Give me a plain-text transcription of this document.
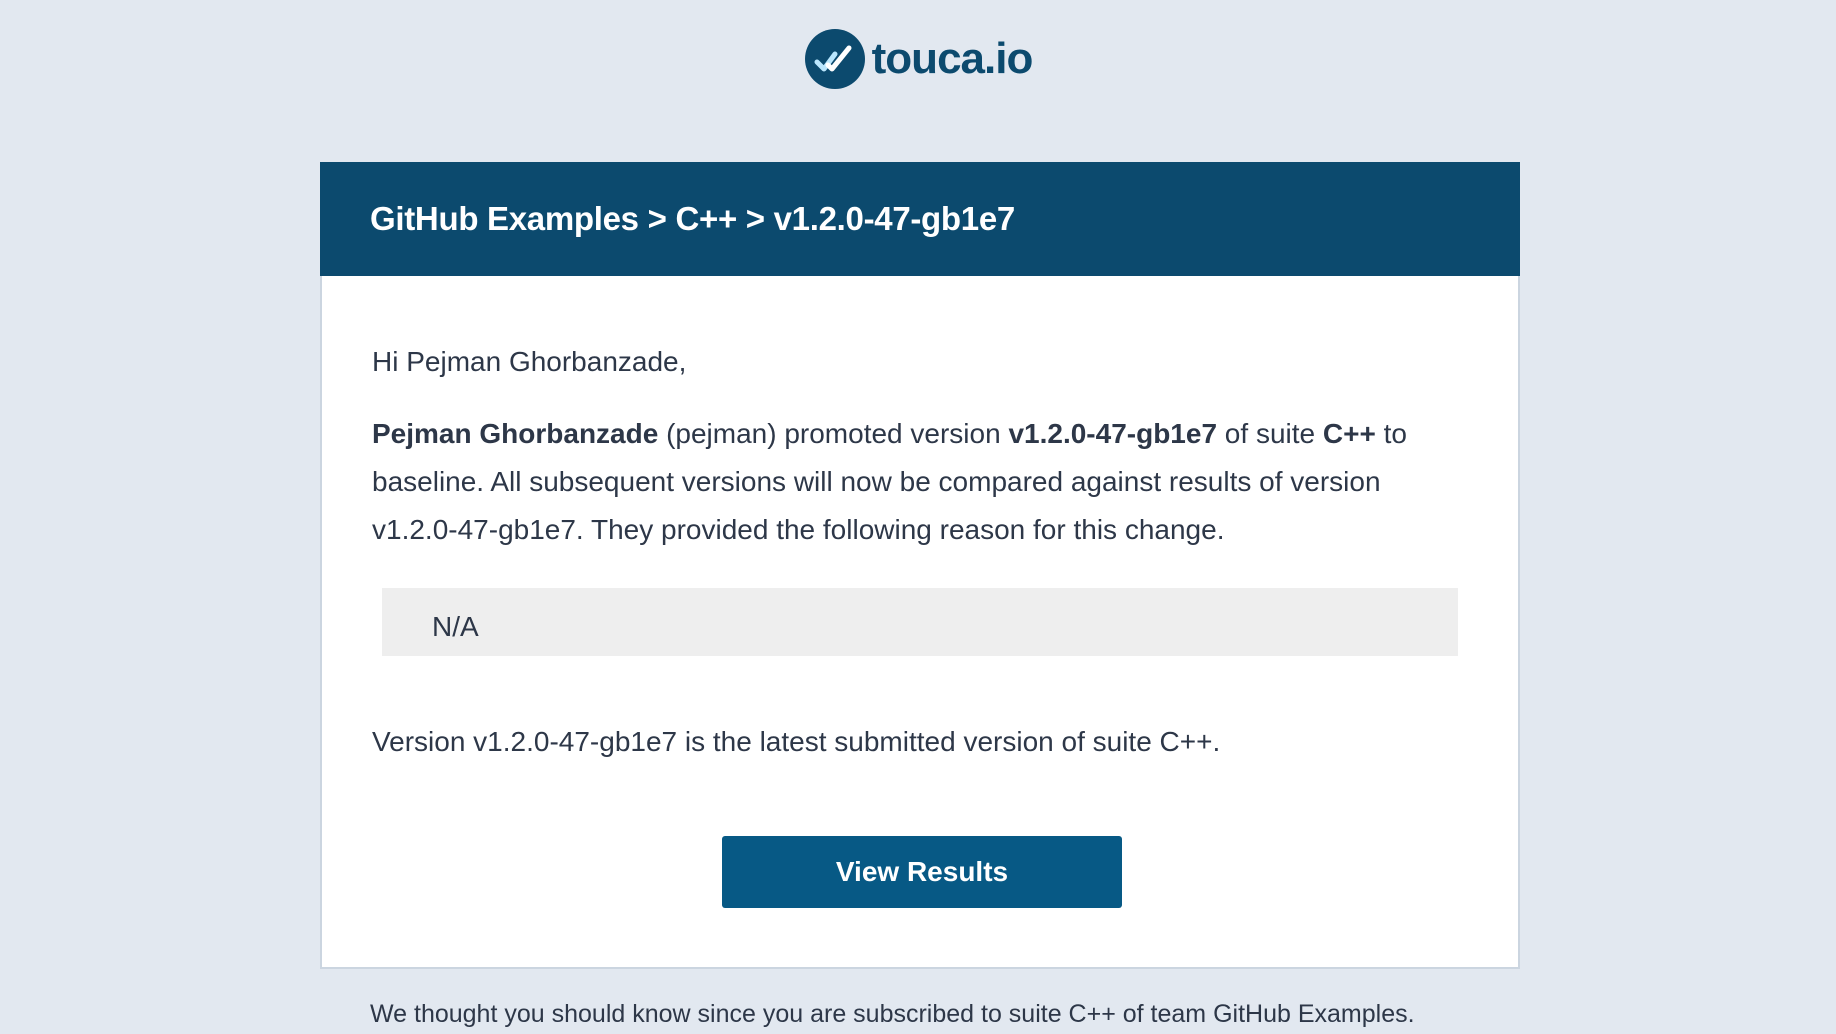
touca.io
GitHub Examples > C++ > v1.2.0-47-gb1e7

Hi Pejman Ghorbanzade,

Pejman Ghorbanzade (pejman) promoted version v1.2.0-47-gb1e7 of suite C++ to baseline. All subsequent versions will now be compared against results of version v1.2.0-47-gb1e7. They provided the following reason for this change.

N/A

Version v1.2.0-47-gb1e7 is the latest submitted version of suite C++.

View Results

We thought you should know since you are subscribed to suite C++ of team GitHub Examples.
